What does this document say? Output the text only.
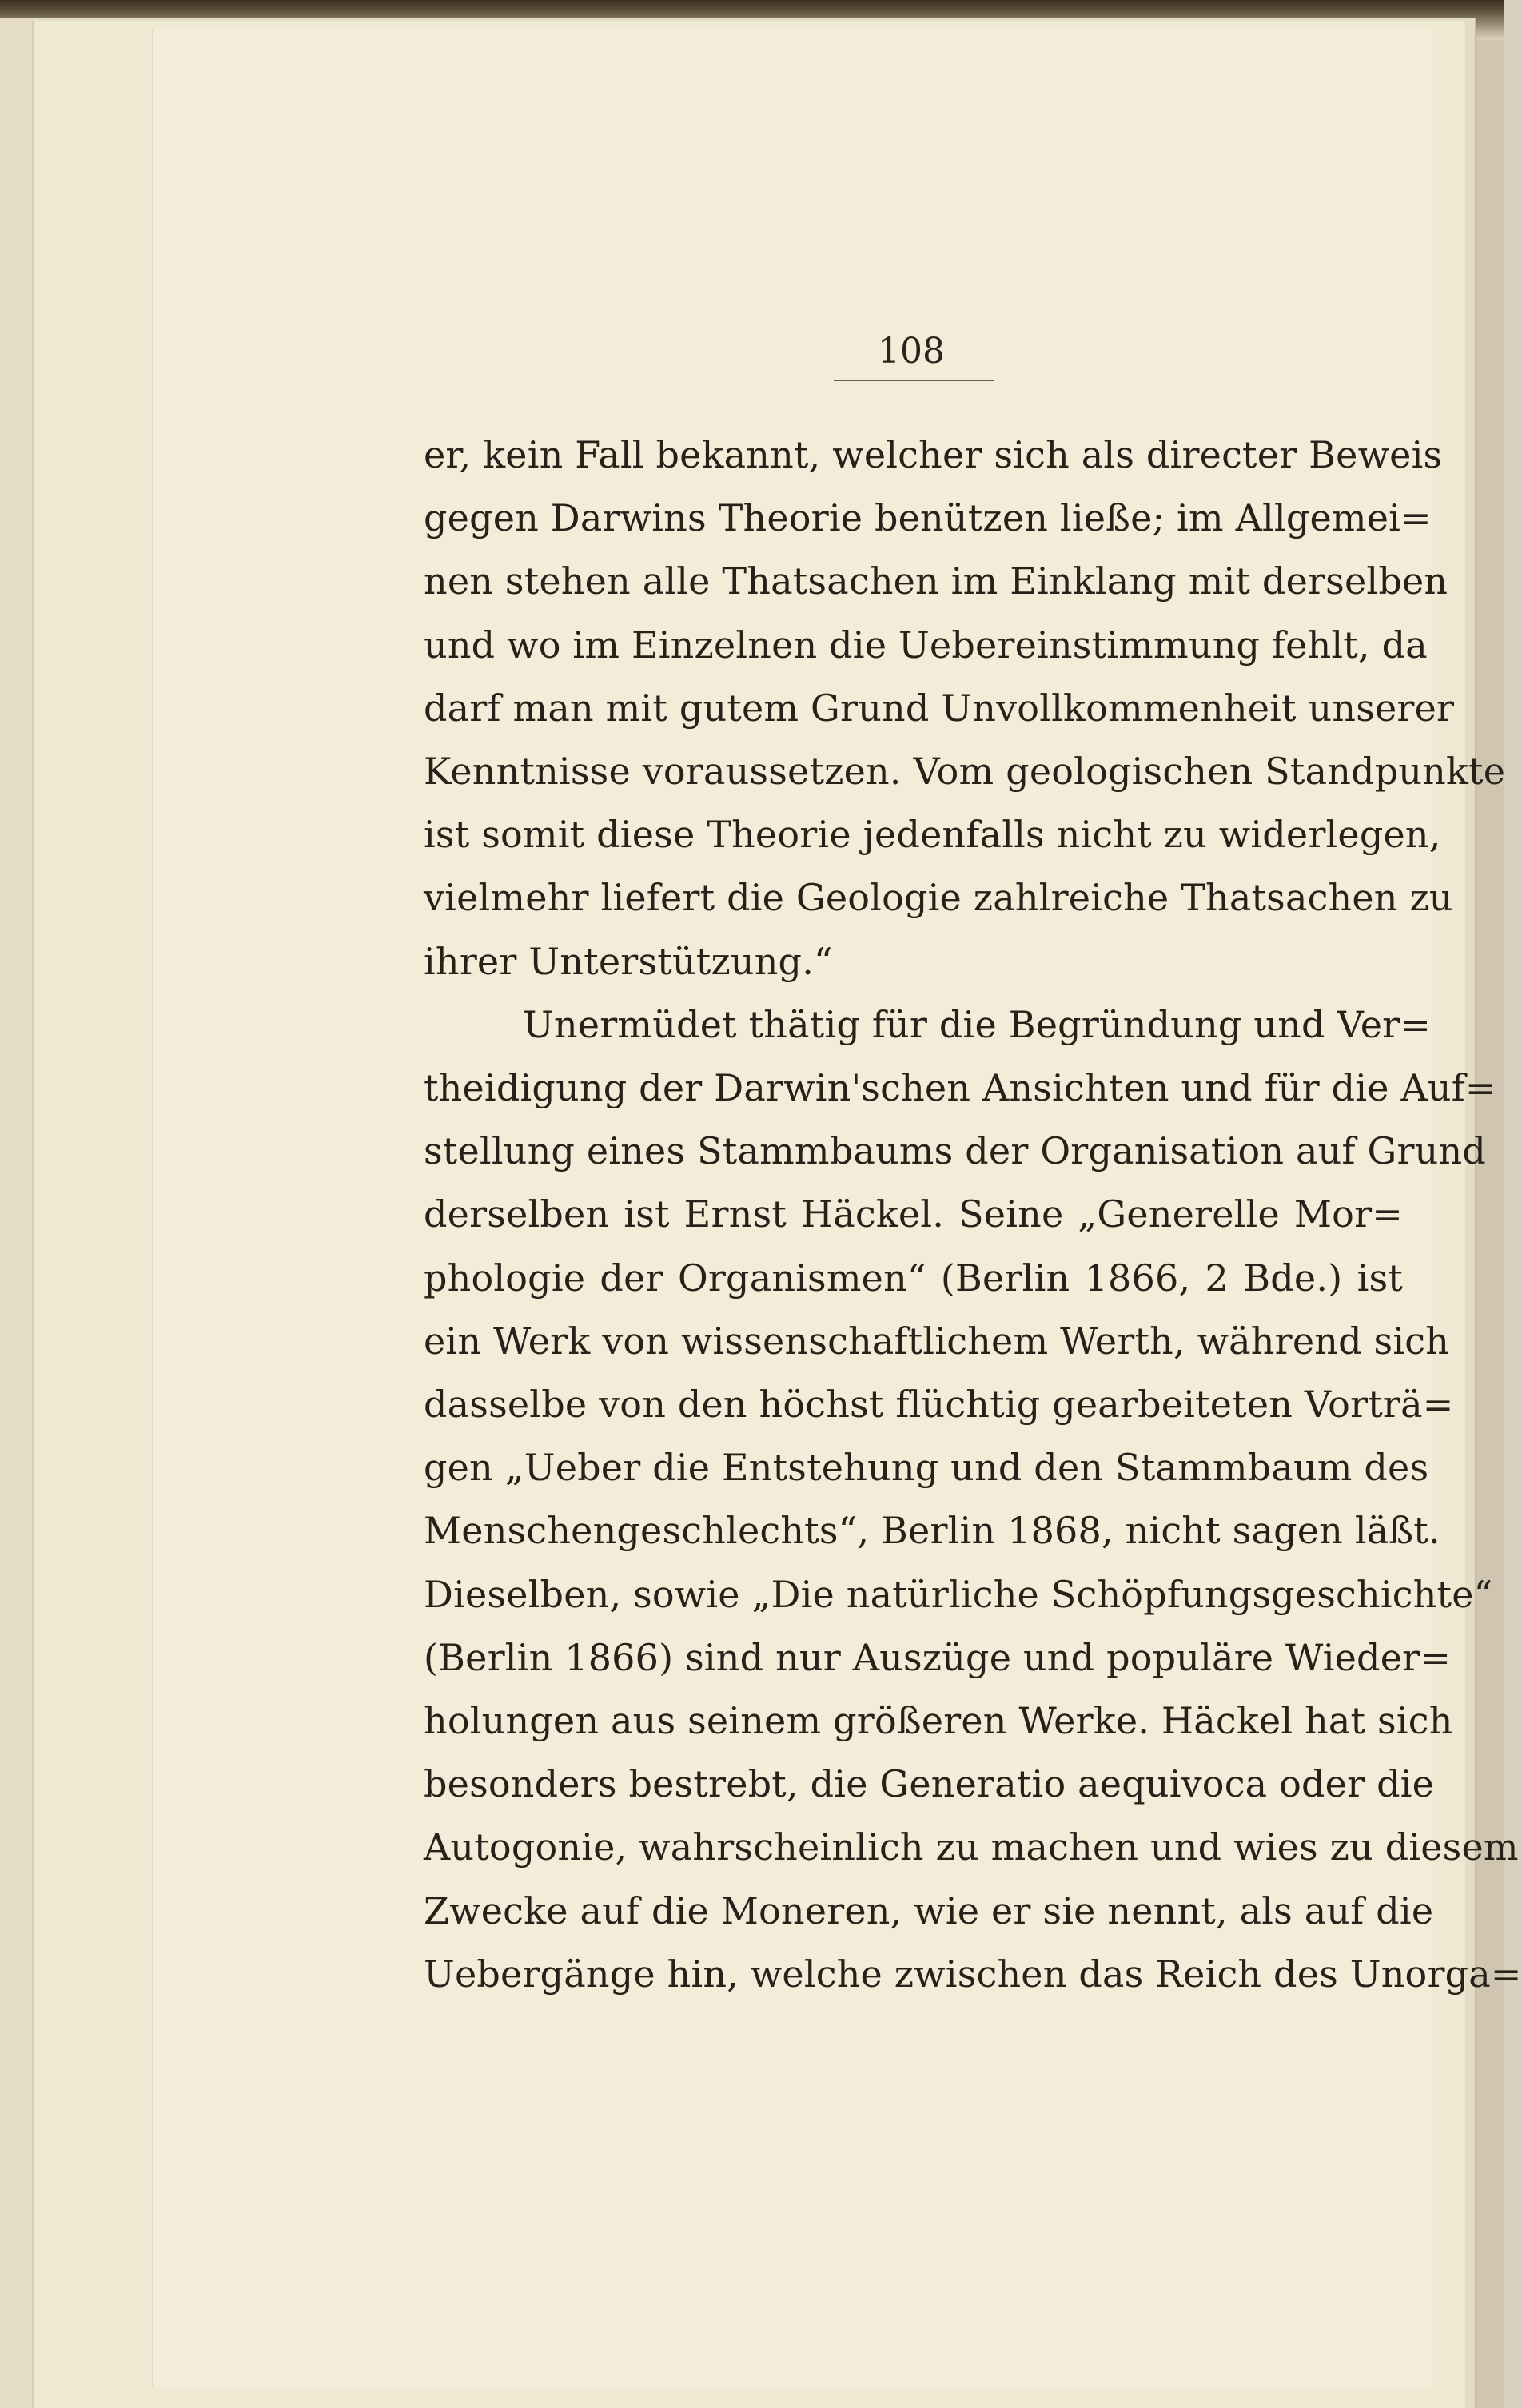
108

er, kein Fall bekannt, welcher sich als directer Beweis
gegen Darwins Theorie benützen ließe; im Allgemei=
nen stehen alle Thatsachen im Einklang mit derselben
und wo im Einzelnen die Uebereinstimmung fehlt, da
darf man mit gutem Grund Unvollkommenheit unserer
Kenntnisse voraussetzen. Vom geologischen Standpunkte
ist somit diese Theorie jedenfalls nicht zu widerlegen,
vielmehr liefert die Geologie zahlreiche Thatsachen zu
ihrer Unterstützung.“
Unermüdet thätig für die Begründung und Ver=
theidigung der Darwin'schen Ansichten und für die Auf=
stellung eines Stammbaums der Organisation auf Grund
derselben ist Ernst Häckel. Seine „Generelle Mor=
phologie der Organismen“ (Berlin 1866, 2 Bde.) ist
ein Werk von wissenschaftlichem Werth, während sich
dasselbe von den höchst flüchtig gearbeiteten Vorträ=
gen „Ueber die Entstehung und den Stammbaum des
Menschengeschlechts“, Berlin 1868, nicht sagen läßt.
Dieselben, sowie „Die natürliche Schöpfungsgeschichte“
(Berlin 1866) sind nur Auszüge und populäre Wieder=
holungen aus seinem größeren Werke. Häckel hat sich
besonders bestrebt, die Generatio aequivoca oder die
Autogonie, wahrscheinlich zu machen und wies zu diesem
Zwecke auf die Moneren, wie er sie nennt, als auf die
Uebergänge hin, welche zwischen das Reich des Unorga=
